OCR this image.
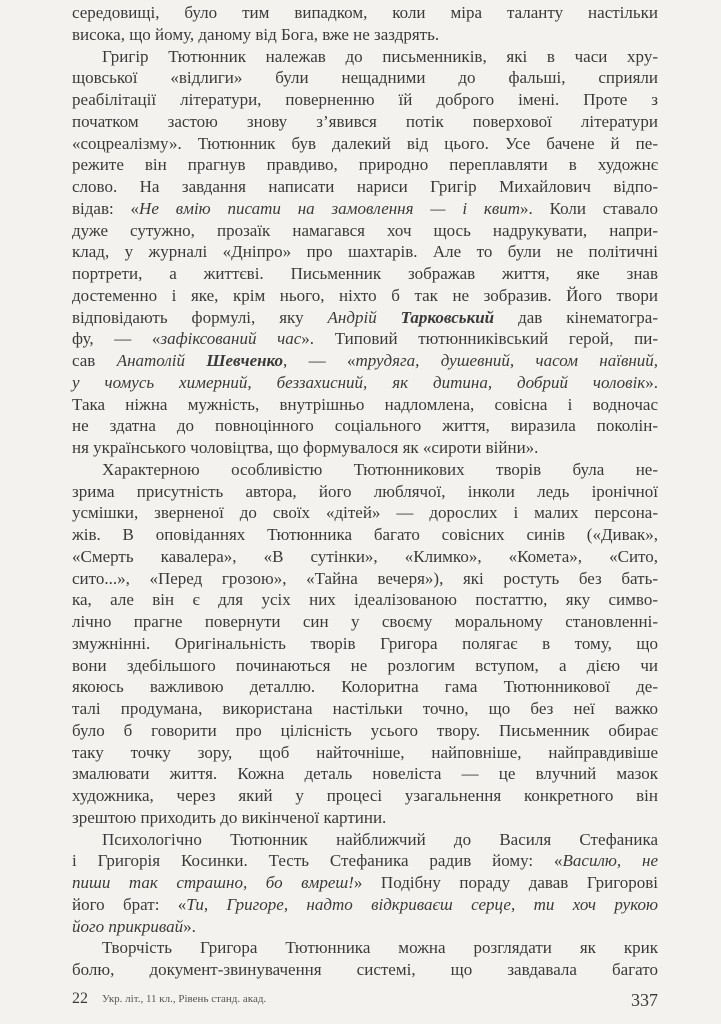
середовищі, було тим випадком, коли міра таланту настільки
висока, що йому, даному від Бога, вже не заздрять.
Григір Тютюнник належав до письменників, які в часи хру-
щовської «відлиги» були нещадними до фальші, сприяли
реабілітації літератури, поверненню їй доброго імені. Проте з
початком застою знову з’явився потік поверхової літератури
«соцреалізму». Тютюнник був далекий від цього. Усе бачене й пе-
режите він прагнув правдиво, природно переплавляти в художнє
слово. На завдання написати нариси Григір Михайлович відпо-
відав: «Не вмію писати на замовлення — і квит». Коли ставало
дуже сутужно, прозаїк намагався хоч щось надрукувати, напри-
клад, у журналі «Дніпро» про шахтарів. Але то були не політичні
портрети, а життєві. Письменник зображав життя, яке знав
достеменно і яке, крім нього, ніхто б так не зобразив. Його твори
відповідають формулі, яку Андрій Тарковський дав кінематогра-
фу, — «зафіксований час». Типовий тютюнниківський герой, пи-
сав Анатолій Шевченко, — «трудяга, душевний, часом наївний,
у чомусь химерний, беззахисний, як дитина, добрий чоловік».
Така ніжна мужність, внутрішньо надломлена, совісна і водночас
не здатна до повноцінного соціального життя, виразила поколін-
ня українського чоловіцтва, що формувалося як «сироти війни».
Характерною особливістю Тютюнникових творів була не-
зрима присутність автора, його люблячої, інколи ледь іронічної
усмішки, зверненої до своїх «дітей» — дорослих і малих персона-
жів. В оповіданнях Тютюнника багато совісних синів («Дивак»,
«Смерть кавалера», «В сутінки», «Климко», «Комета», «Сито,
сито...», «Перед грозою», «Тайна вечеря»), які ростуть без бать-
ка, але він є для усіх них ідеалізованою постаттю, яку симво-
лічно прагне повернути син у своєму моральному становленні-
змужнінні. Оригінальність творів Григора полягає в тому, що
вони здебільшого починаються не розлогим вступом, а дією чи
якоюсь важливою деталлю. Колоритна гама Тютюнникової де-
талі продумана, використана настільки точно, що без неї важко
було б говорити про цілісність усього твору. Письменник обирає
таку точку зору, щоб найточніше, найповніше, найправдивіше
змалювати життя. Кожна деталь новеліста — це влучний мазок
художника, через який у процесі узагальнення конкретного він
зрештою приходить до викінченої картини.
Психологічно Тютюнник найближчий до Василя Стефаника
і Григорія Косинки. Тесть Стефаника радив йому: «Василю, не
пиши так страшно, бо вмреш!» Подібну пораду давав Григорові
його брат: «Ти, Григоре, надто відкриваєш серце, ти хоч рукою
його прикривай».
Творчість Григора Тютюнника можна розглядати як крик
болю, документ-звинувачення системі, що завдавала багато
22 Укр. літ., 11 кл., Рівень станд. акад.	337
